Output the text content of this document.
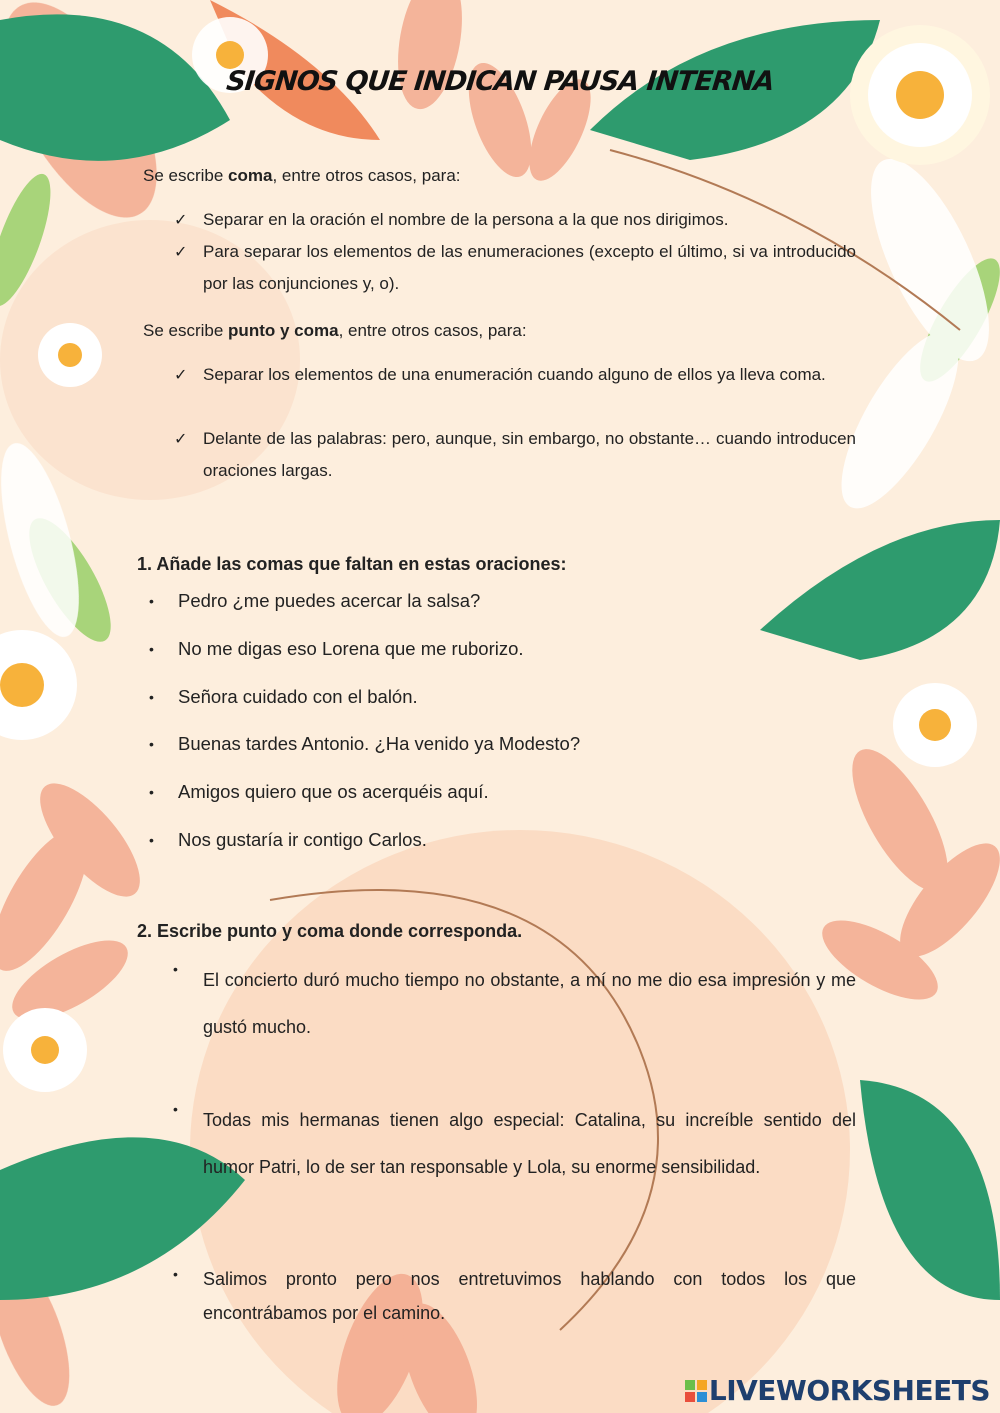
SIGNOS QUE INDICAN PAUSA INTERNA
Se escribe coma, entre otros casos, para:
✓ Separar en la oración el nombre de la persona a la que nos dirigimos.
✓ Para separar los elementos de las enumeraciones (excepto el último, si va introducido por las conjunciones y, o).
Se escribe punto y coma, entre otros casos, para:
✓ Separar los elementos de una enumeración cuando alguno de ellos ya lleva coma.
✓ Delante de las palabras: pero, aunque, sin embargo, no obstante… cuando introducen oraciones largas.
1. Añade las comas que faltan en estas oraciones:
• Pedro ¿me puedes acercar la salsa?
• No me digas eso Lorena que me ruborizo.
• Señora cuidado con el balón.
• Buenas tardes Antonio. ¿Ha venido ya Modesto?
• Amigos quiero que os acerquéis aquí.
• Nos gustaría ir contigo Carlos.
2. Escribe punto y coma donde corresponda.
•
El concierto duró mucho tiempo no obstante, a mí no me dio esa impresión y me gustó mucho.
•
Todas mis hermanas tienen algo especial: Catalina, su increíble sentido del humor Patri, lo de ser tan responsable y Lola, su enorme sensibilidad.
• Salimos pronto pero nos entretuvimos hablando con todos los que encontrábamos por el camino.
LIVEWORKSHEETS
